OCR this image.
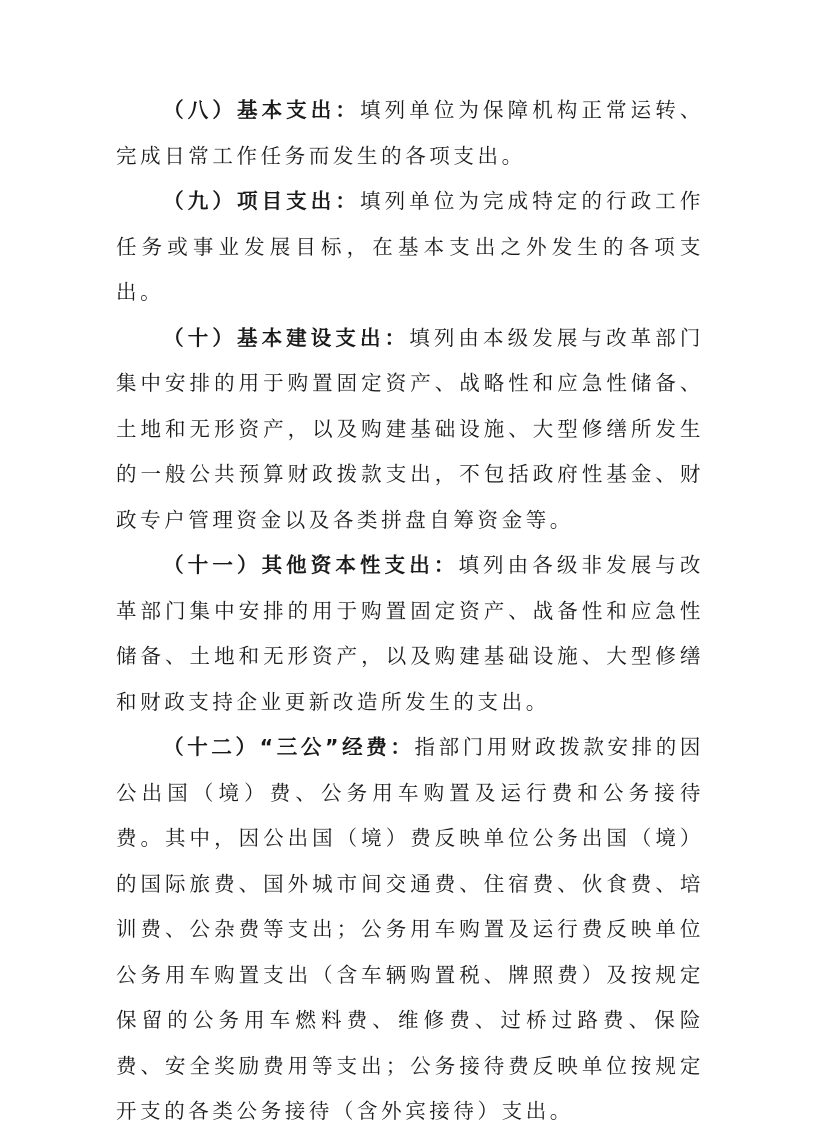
（八）基本支出：填列单位为保障机构正常运转、完成日常工作任务而发生的各项支出。

（九）项目支出：填列单位为完成特定的行政工作任务或事业发展目标，在基本支出之外发生的各项支出。

（十）基本建设支出：填列由本级发展与改革部门集中安排的用于购置固定资产、战略性和应急性储备、土地和无形资产，以及购建基础设施、大型修缮所发生的一般公共预算财政拨款支出，不包括政府性基金、财政专户管理资金以及各类拼盘自筹资金等。

（十一）其他资本性支出：填列由各级非发展与改革部门集中安排的用于购置固定资产、战备性和应急性储备、土地和无形资产，以及购建基础设施、大型修缮和财政支持企业更新改造所发生的支出。

（十二）“三公”经费：指部门用财政拨款安排的因公出国（境）费、公务用车购置及运行费和公务接待费。其中，因公出国（境）费反映单位公务出国（境）的国际旅费、国外城市间交通费、住宿费、伙食费、培训费、公杂费等支出；公务用车购置及运行费反映单位公务用车购置支出（含车辆购置税、牌照费）及按规定保留的公务用车燃料费、维修费、过桥过路费、保险费、安全奖励费用等支出；公务接待费反映单位按规定开支的各类公务接待（含外宾接待）支出。
